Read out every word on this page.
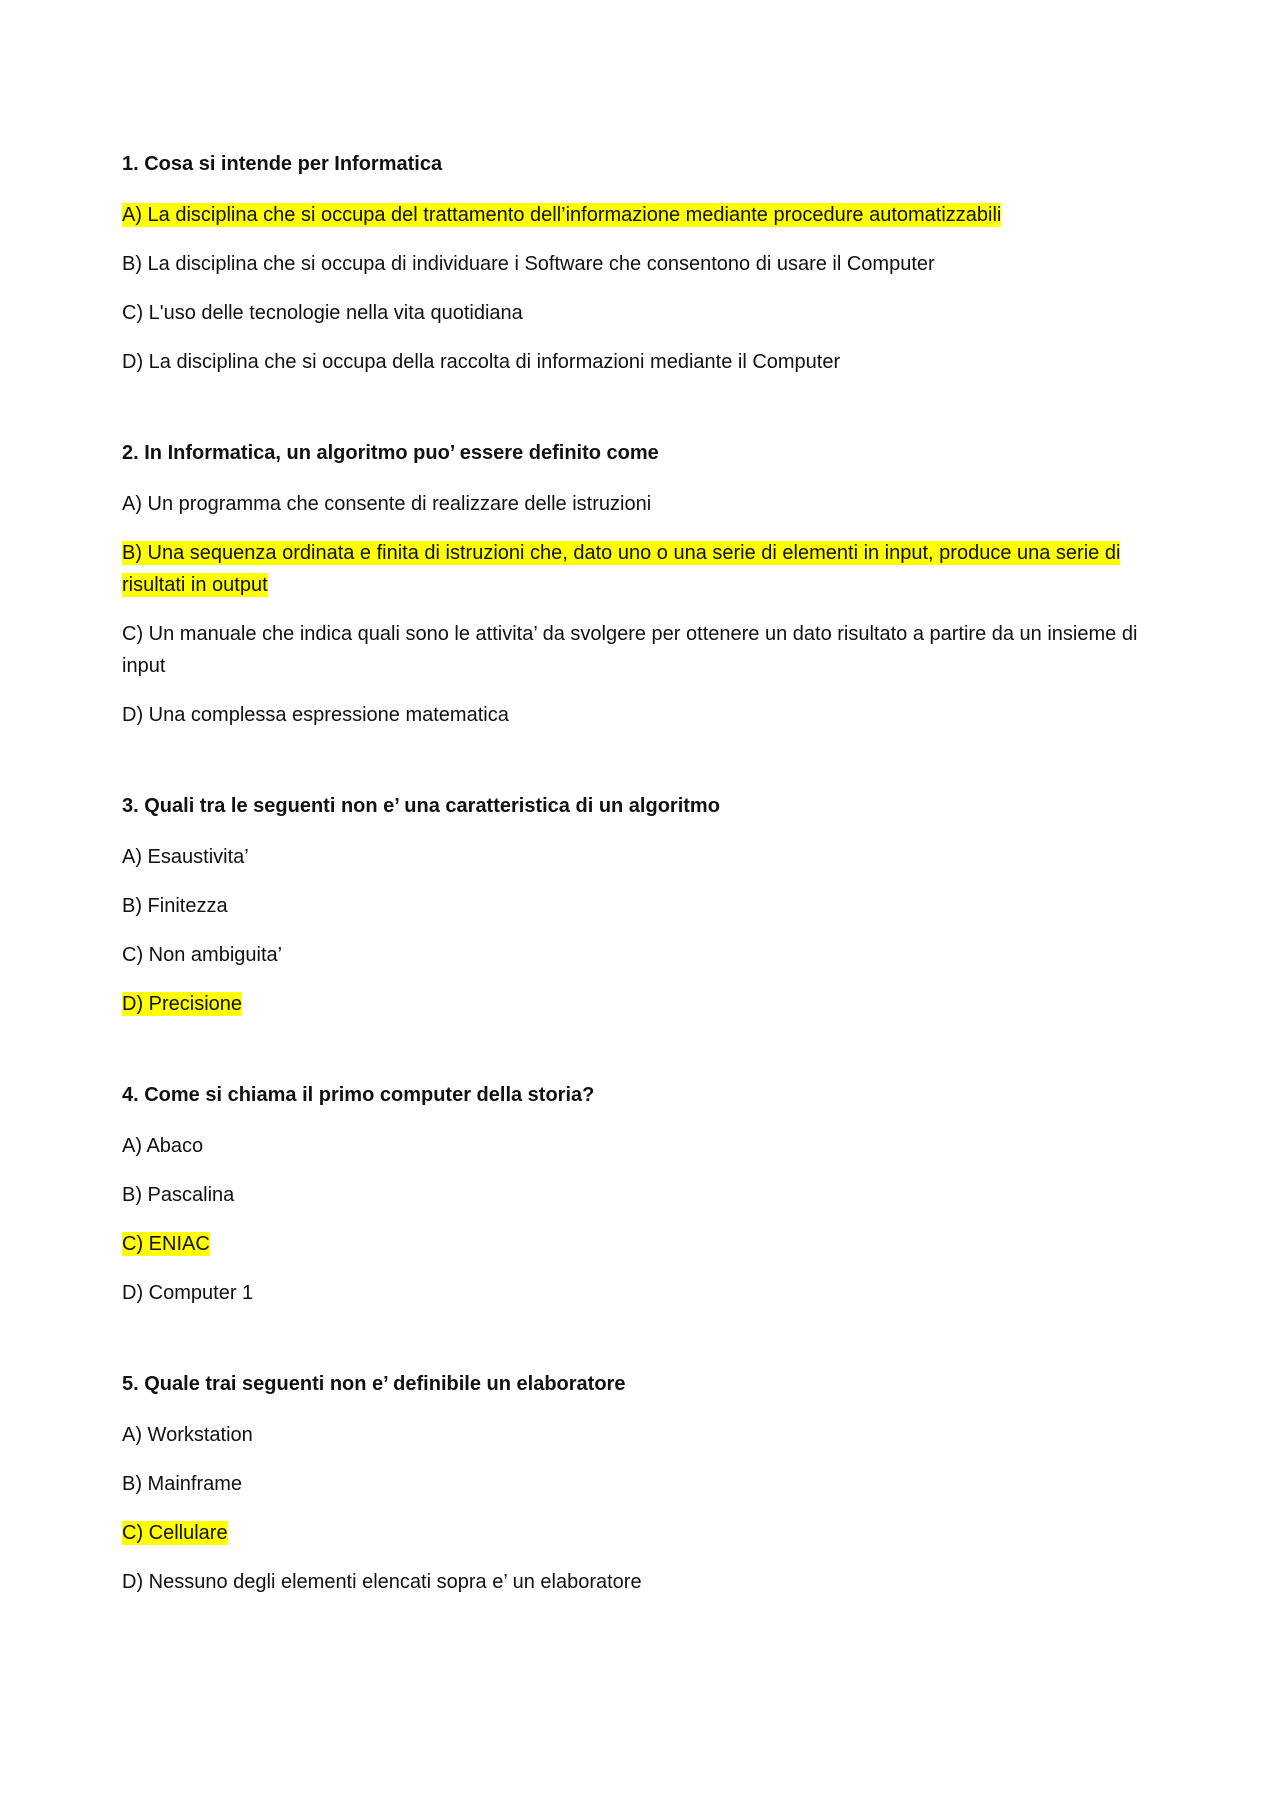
1. Cosa si intende per Informatica

A) La disciplina che si occupa del trattamento dell’informazione mediante procedure automatizzabili

B) La disciplina che si occupa di individuare i Software che consentono di usare il Computer

C) L'uso delle tecnologie nella vita quotidiana

D) La disciplina che si occupa della raccolta di informazioni mediante il Computer

2. In Informatica, un algoritmo puo’ essere definito come

A) Un programma che consente di realizzare delle istruzioni

B) Una sequenza ordinata e finita di istruzioni che, dato uno o una serie di elementi in input, produce una serie di risultati in output

C) Un manuale che indica quali sono le attivita’ da svolgere per ottenere un dato risultato a partire da un insieme di input

D) Una complessa espressione matematica

3. Quali tra le seguenti non e’ una caratteristica di un algoritmo

A) Esaustivita’

B) Finitezza

C) Non ambiguita’

D) Precisione

4. Come si chiama il primo computer della storia?

A) Abaco

B) Pascalina

C) ENIAC

D) Computer 1

5. Quale trai seguenti non e’ definibile un elaboratore

A) Workstation

B) Mainframe

C) Cellulare

D) Nessuno degli elementi elencati sopra e’ un elaboratore
